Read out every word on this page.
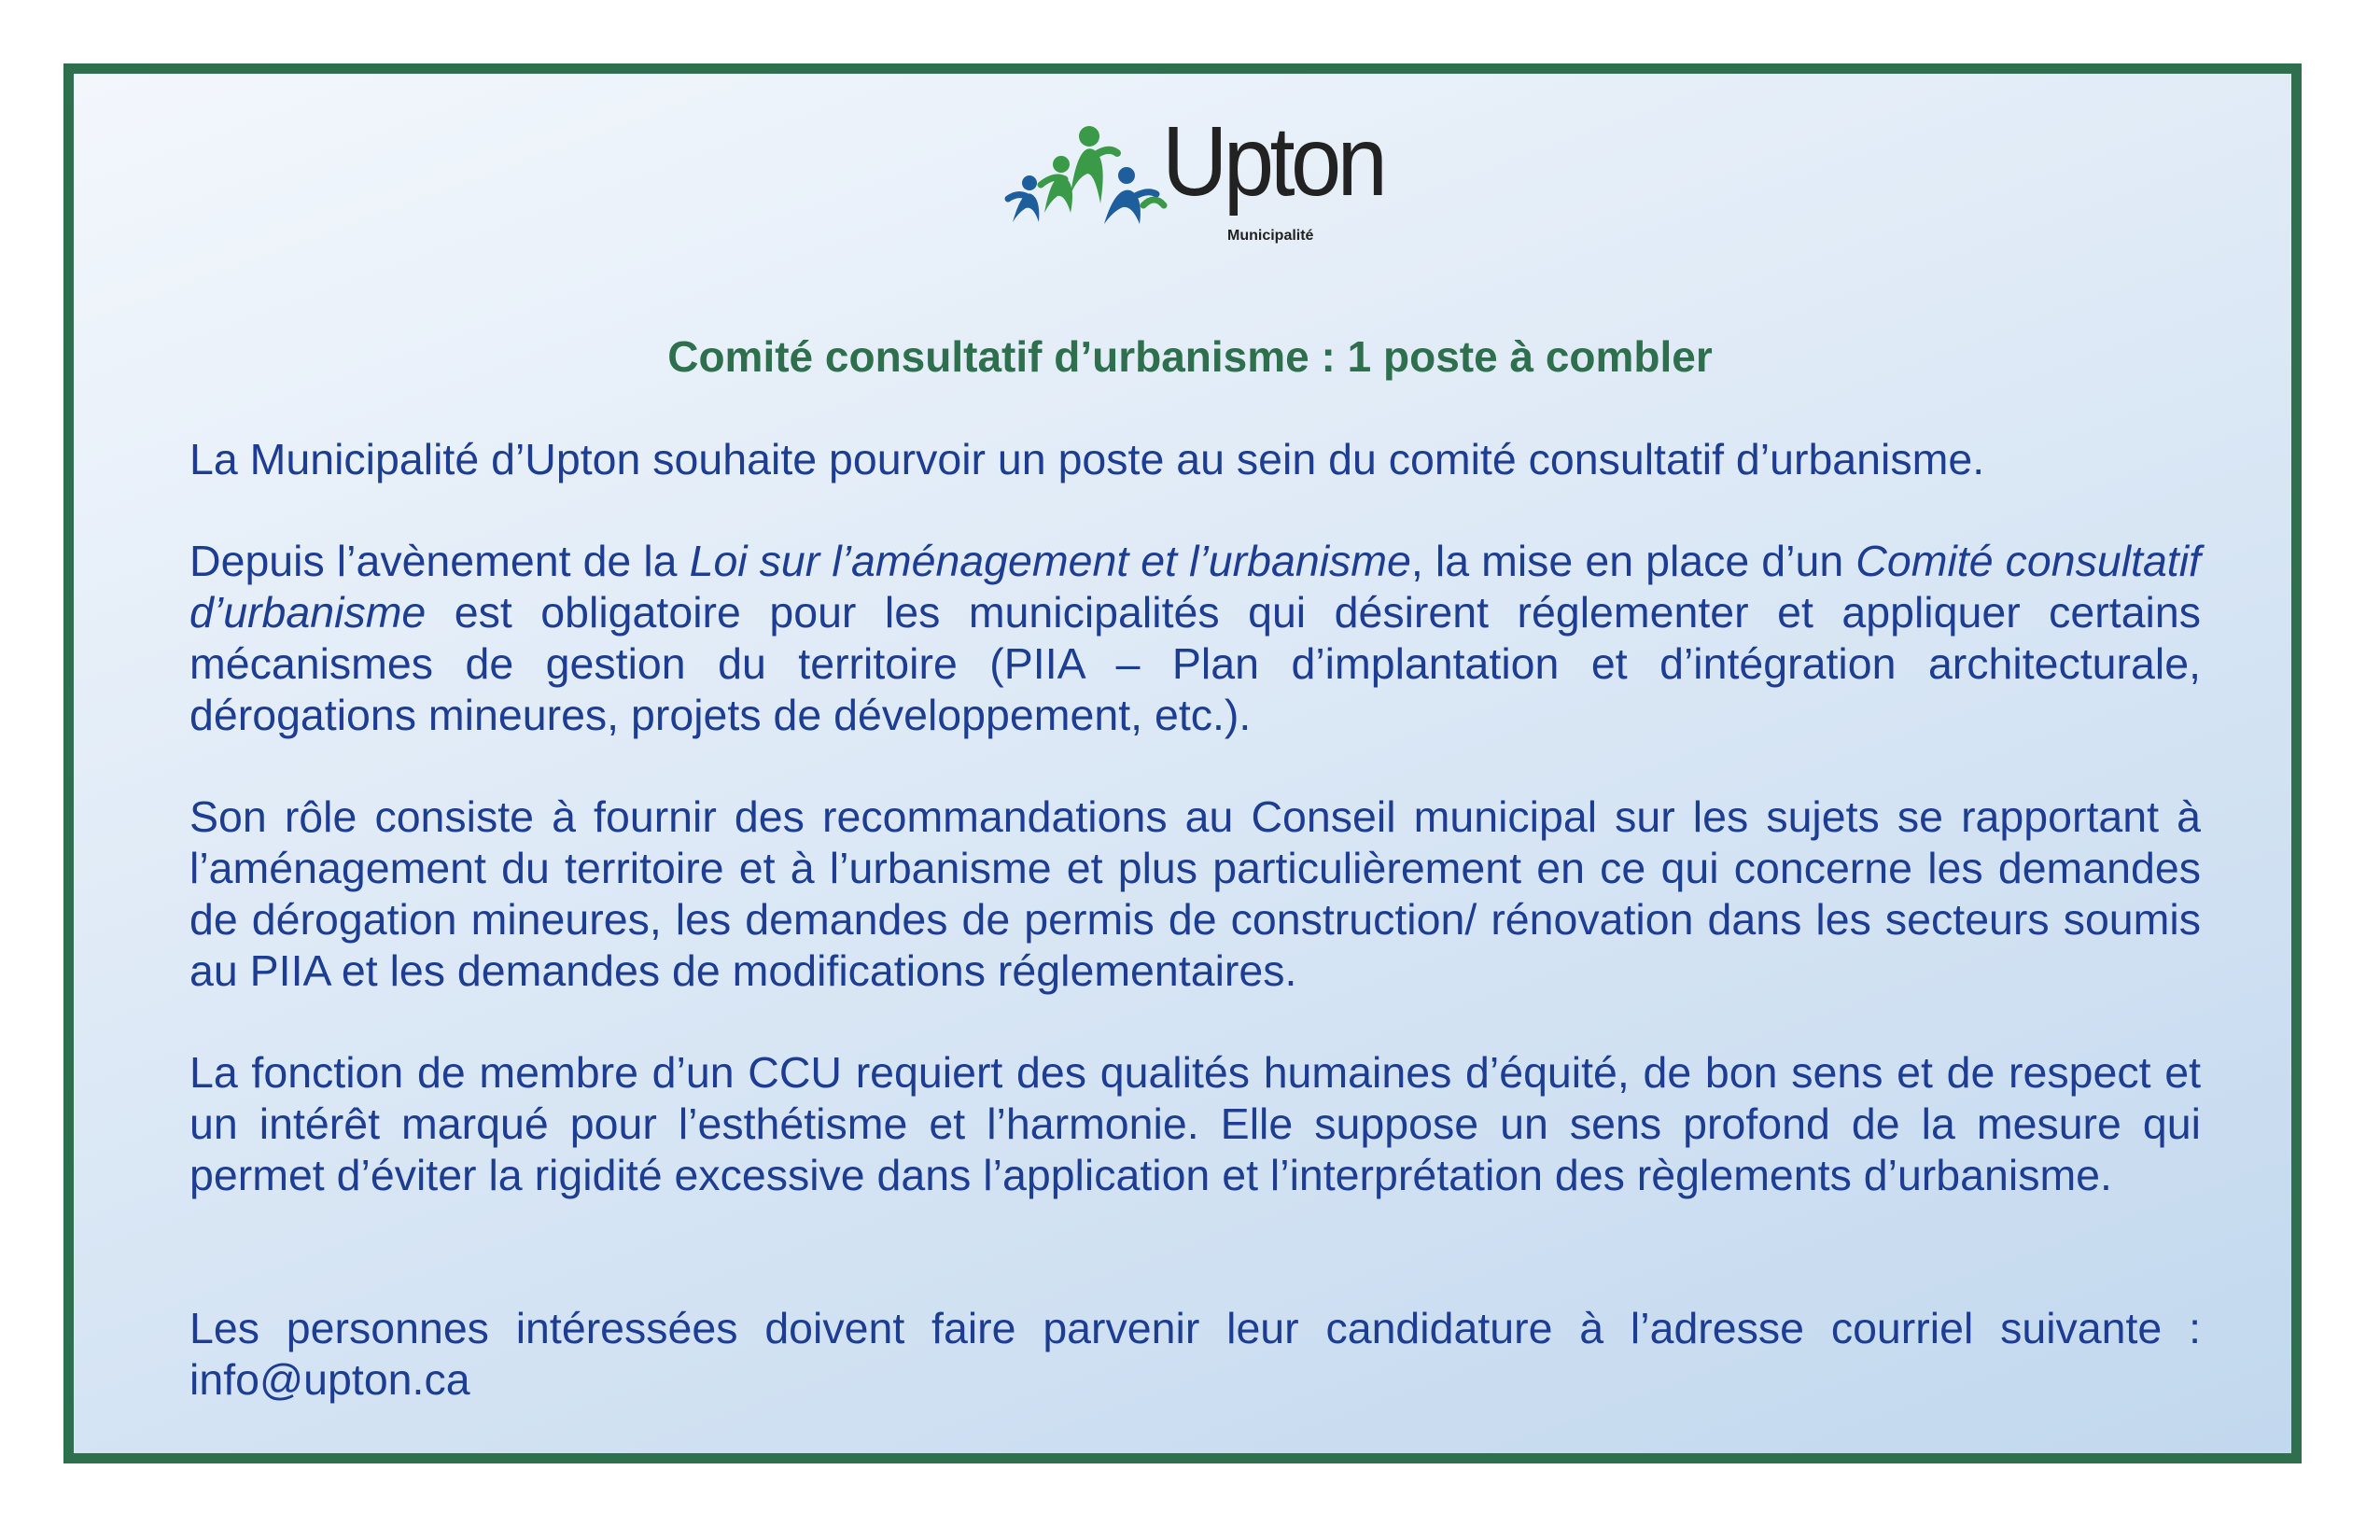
Upton
Municipalité
Comité consultatif d’urbanisme : 1 poste à combler

La Municipalité d’Upton souhaite pourvoir un poste au sein du comité consultatif d’urbanisme.

Depuis l’avènement de la Loi sur l’aménagement et l’urbanisme, la mise en place d’un Comité consultatif d’urbanisme est obligatoire pour les municipalités qui désirent réglementer et appliquer certains mécanismes de gestion du territoire (PIIA – Plan d’implantation et d’intégration architecturale, dérogations mineures, projets de développement, etc.).

Son rôle consiste à fournir des recommandations au Conseil municipal sur les sujets se rapportant à l’aménagement du territoire et à l’urbanisme et plus particulièrement en ce qui concerne les demandes de dérogation mineures, les demandes de permis de construction/ rénovation dans les secteurs soumis au PIIA et les demandes de modifications réglementaires.

La fonction de membre d’un CCU requiert des qualités humaines d’équité, de bon sens et de respect et un intérêt marqué pour l’esthétisme et l’harmonie. Elle suppose un sens profond de la mesure qui permet d’éviter la rigidité excessive dans l’application et l’interprétation des règlements d’urbanisme.

Les personnes intéressées doivent faire parvenir leur candidature à l’adresse courriel suivante : info@upton.ca
